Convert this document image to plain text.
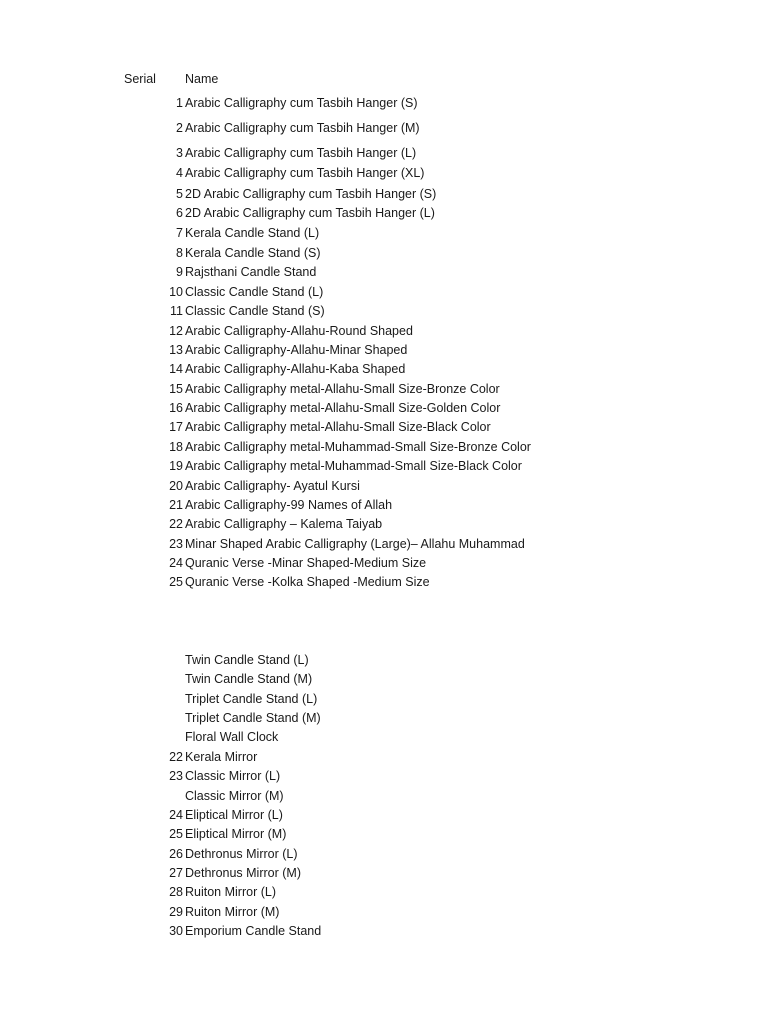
Serial Name
1 Arabic Calligraphy cum Tasbih Hanger (S)
2 Arabic Calligraphy cum Tasbih Hanger (M)
3 Arabic Calligraphy cum Tasbih Hanger (L)
4 Arabic Calligraphy cum Tasbih Hanger (XL)
5 2D Arabic Calligraphy cum Tasbih Hanger (S)
6 2D Arabic Calligraphy cum Tasbih Hanger (L)
7 Kerala Candle Stand (L)
8 Kerala Candle Stand (S)
9 Rajsthani Candle Stand
10 Classic Candle Stand (L)
11 Classic Candle Stand (S)
12 Arabic Calligraphy-Allahu-Round Shaped
13 Arabic Calligraphy-Allahu-Minar Shaped
14 Arabic Calligraphy-Allahu-Kaba Shaped
15 Arabic Calligraphy metal-Allahu-Small Size-Bronze Color
16 Arabic Calligraphy metal-Allahu-Small Size-Golden Color
17 Arabic Calligraphy metal-Allahu-Small Size-Black Color
18 Arabic Calligraphy metal-Muhammad-Small Size-Bronze Color
19 Arabic Calligraphy metal-Muhammad-Small Size-Black Color
20 Arabic Calligraphy- Ayatul Kursi
21 Arabic Calligraphy-99 Names of Allah
22 Arabic Calligraphy – Kalema Taiyab
23 Minar Shaped Arabic Calligraphy (Large)– Allahu Muhammad
24 Quranic Verse -Minar Shaped-Medium Size
25 Quranic Verse -Kolka Shaped -Medium Size
Twin Candle Stand (L)
Twin Candle Stand (M)
Triplet Candle Stand (L)
Triplet Candle Stand (M)
Floral Wall Clock
22 Kerala Mirror
23 Classic Mirror (L)
Classic Mirror (M)
24 Eliptical Mirror (L)
25 Eliptical Mirror (M)
26 Dethronus Mirror (L)
27 Dethronus Mirror (M)
28 Ruiton Mirror (L)
29 Ruiton Mirror (M)
30 Emporium Candle Stand
